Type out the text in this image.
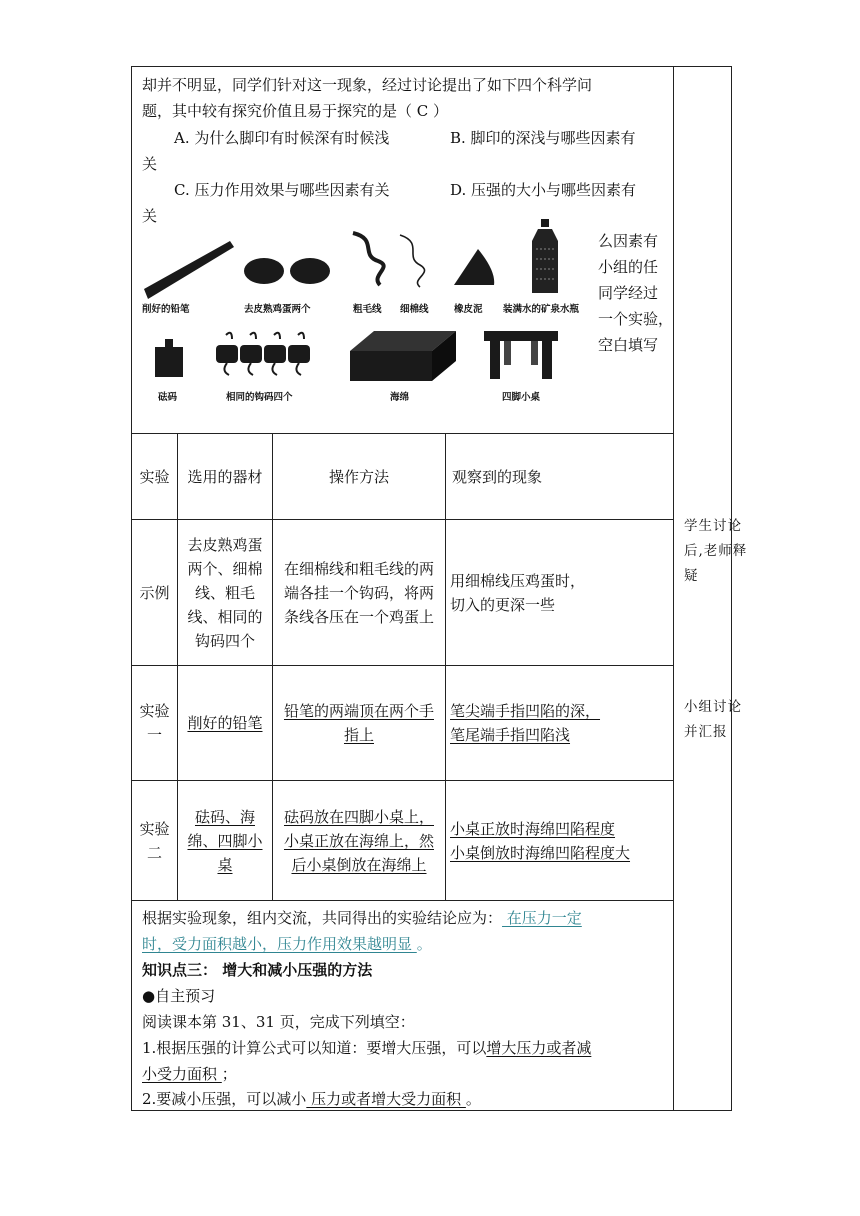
却并不明显，同学们针对这一现象，经过讨论提出了如下四个科学问
题，其中较有探究价值且易于探究的是（ C ）
A. 为什么脚印有时候深有时候浅	B. 脚印的深浅与哪些因素有
关
C. 压力作用效果与哪些因素有关	D. 压强的大小与哪些因素有
关
削好的铅笔	去皮熟鸡蛋两个	粗毛线 细棉线	橡皮泥 装满水的矿泉水瓶
砝码	相同的钩码四个	海绵	四脚小桌
么因素有
小组的任
同学经过
一个实验，
空白填写
实验	选用的器材	操作方法	观察到的现象
示例	去皮熟鸡蛋两个、细棉线、粗毛线、相同的钩码四个	在细棉线和粗毛线的两端各挂一个钩码，将两条线各压在一个鸡蛋上	用细棉线压鸡蛋时，
切入的更深一些

实验一	削好的铅笔	铅笔的两端顶在两个手指上	笔尖端手指凹陷的深，
笔尾端手指凹陷浅

实验二	砝码、海绵、四脚小桌	砝码放在四脚小桌上，小桌正放在海绵上，然后小桌倒放在海绵上	小桌正放时海绵凹陷程度
小桌倒放时海绵凹陷程度大
根据实验现象，组内交流，共同得出的实验结论应为： 在压力一定
时，受力面积越小，压力作用效果越明显 。
知识点三： 增大和减小压强的方法
●自主预习
阅读课本第 31、31 页，完成下列填空：
1.根据压强的计算公式可以知道：要增大压强，可以增大压力或者减
小受力面积 ；
2.要减小压强，可以减小 压力或者增大受力面积 。
学生讨论后,老师释疑
小组讨论并汇报
